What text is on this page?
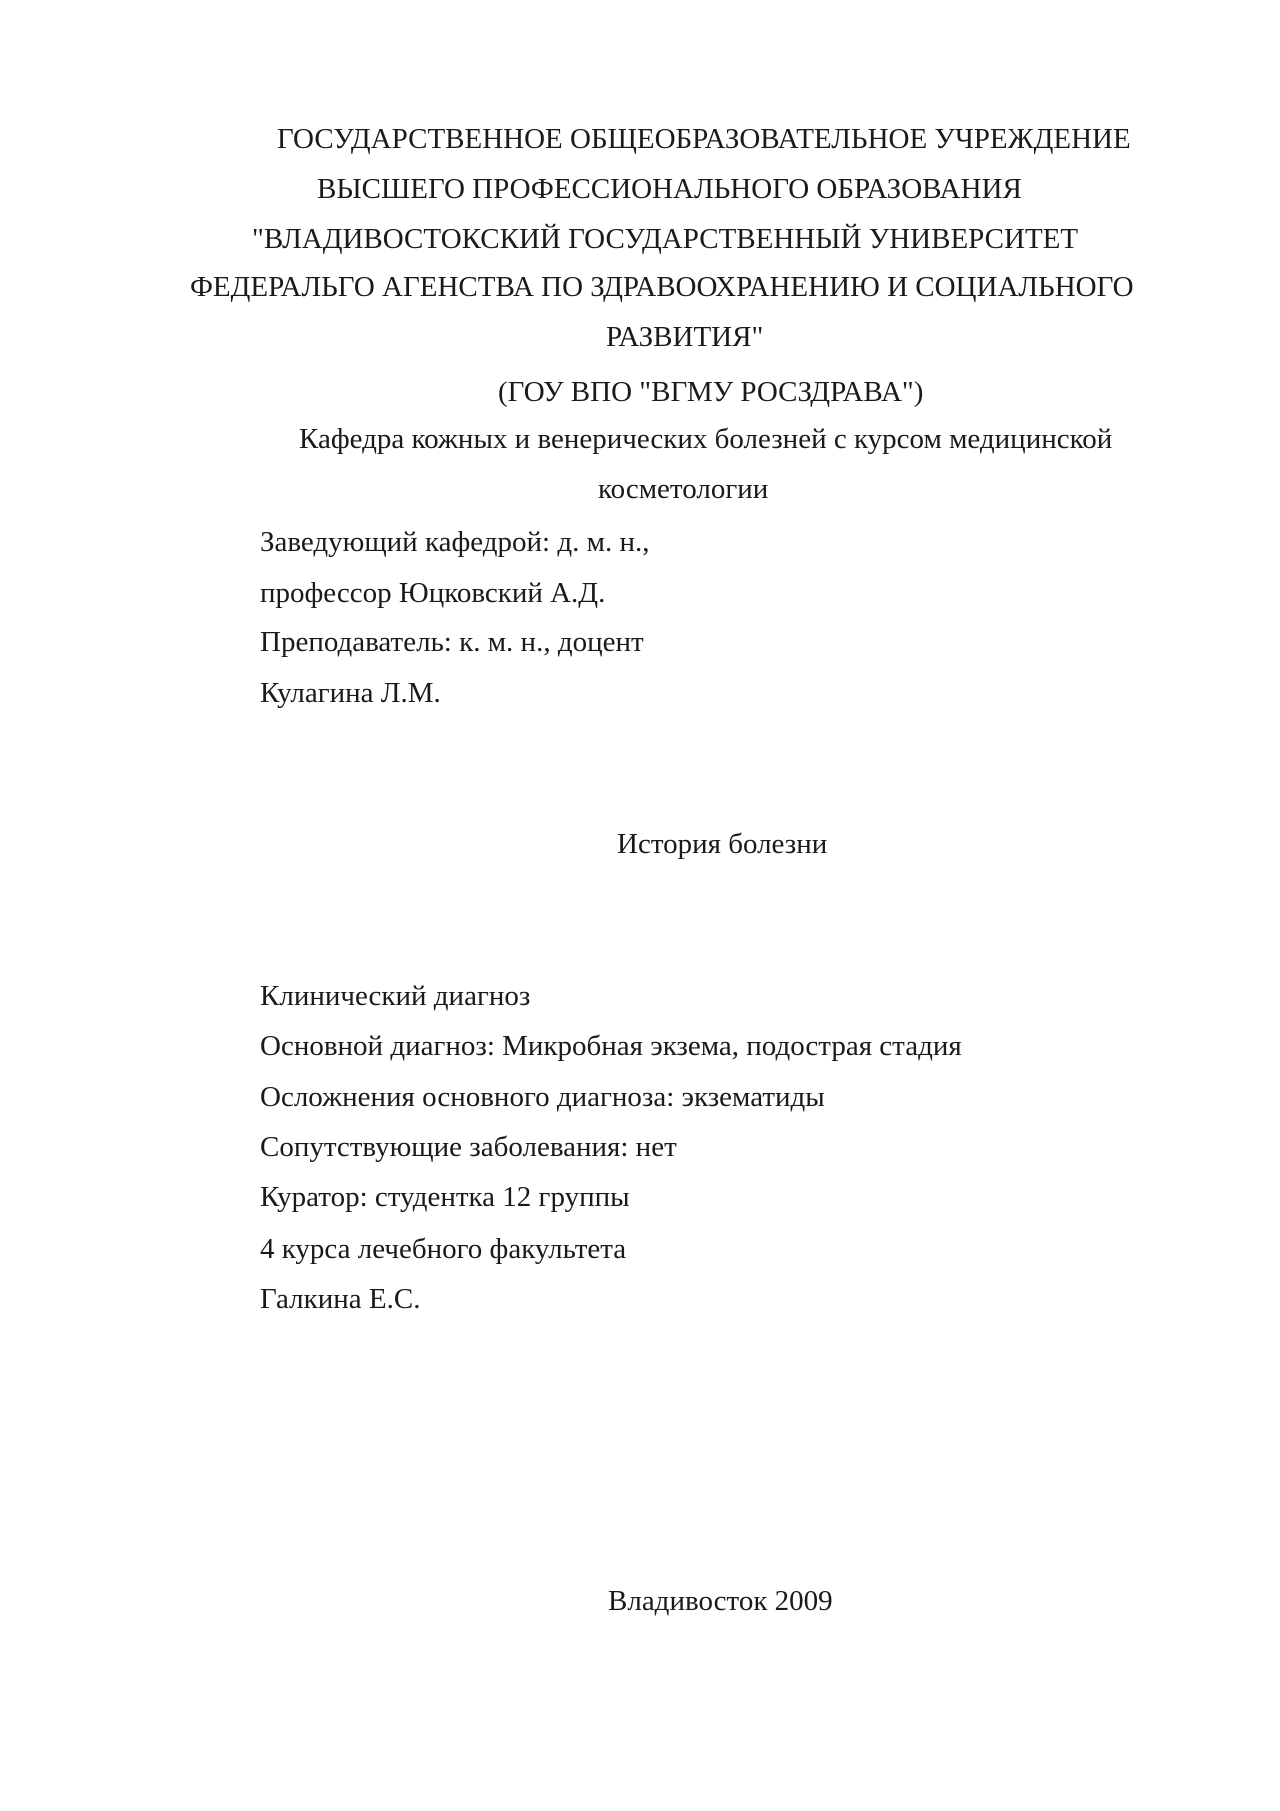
ГОСУДАРСТВЕННОЕ ОБЩЕОБРАЗОВАТЕЛЬНОЕ УЧРЕЖДЕНИЕ
ВЫСШЕГО ПРОФЕССИОНАЛЬНОГО ОБРАЗОВАНИЯ
"ВЛАДИВОСТОКСКИЙ ГОСУДАРСТВЕННЫЙ УНИВЕРСИТЕТ
ФЕДЕРАЛЬГО АГЕНСТВА ПО ЗДРАВООХРАНЕНИЮ И СОЦИАЛЬНОГО
РАЗВИТИЯ"
(ГОУ ВПО "ВГМУ РОСЗДРАВА")
Кафедра кожных и венерических болезней с курсом медицинской
косметологии
Заведующий кафедрой: д. м. н.,
профессор Юцковский А.Д.
Преподаватель: к. м. н., доцент
Кулагина Л.М.
История болезни
Клинический диагноз
Основной диагноз: Микробная экзема, подострая стадия
Осложнения основного диагноза: экзематиды
Сопутствующие заболевания: нет
Куратор: студентка 12 группы
4 курса лечебного факультета
Галкина Е.С.
Владивосток 2009
